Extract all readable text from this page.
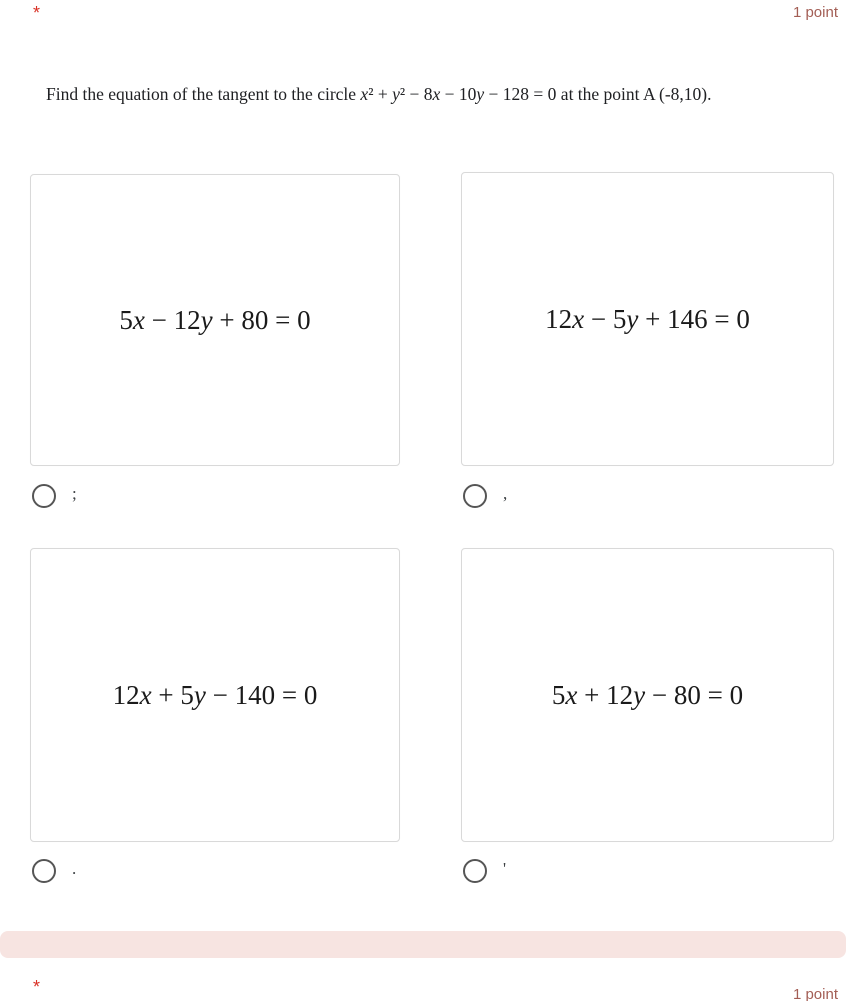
*	1 point
Find the equation of the tangent to the circle x² + y² − 8x − 10y − 128 = 0 at the point A (-8,10).
5x − 12y + 80 = 0
;
12x − 5y + 146 = 0
,
12x + 5y − 140 = 0
.
5x + 12y − 80 = 0
'
*	1 point
